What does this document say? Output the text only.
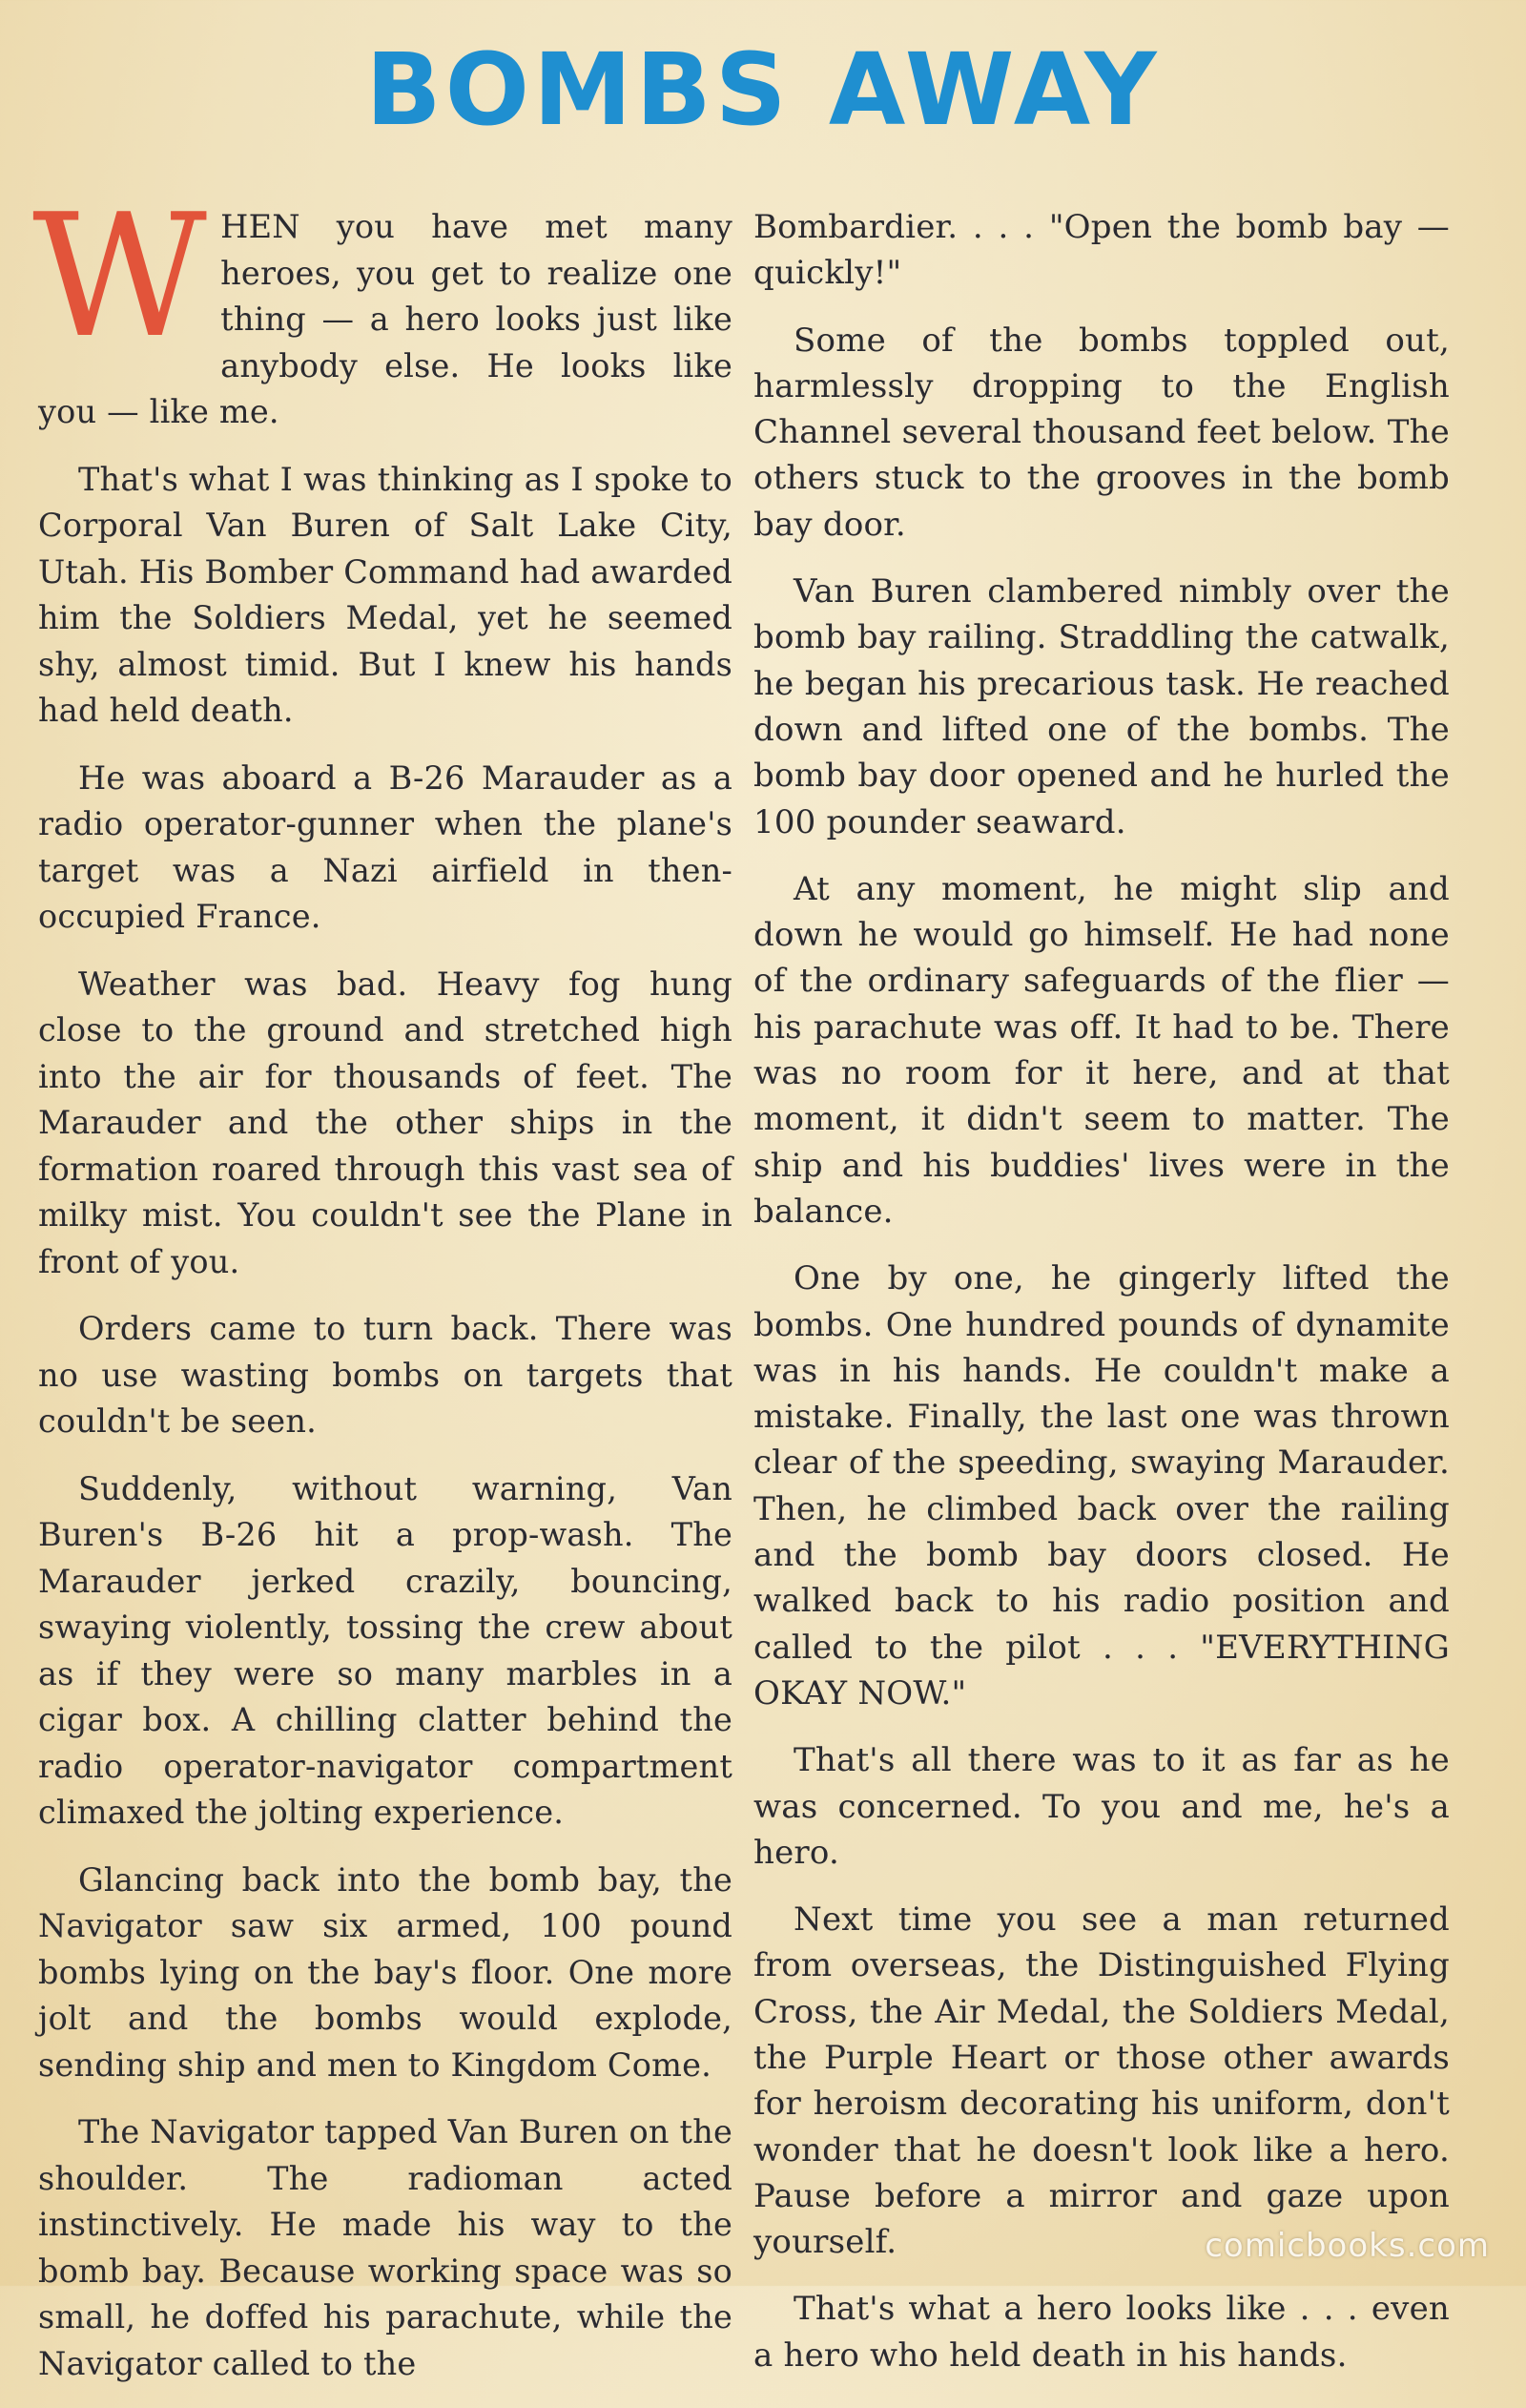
BOMBS AWAY

WHEN you have met many heroes, you get to realize one thing — a hero looks just like anybody else. He looks like you — like me.

That's what I was thinking as I spoke to Corporal Van Buren of Salt Lake City, Utah. His Bomber Command had awarded him the Soldiers Medal, yet he seemed shy, almost timid. But I knew his hands had held death.

He was aboard a B-26 Marauder as a radio operator-gunner when the plane's target was a Nazi airfield in then-occupied France.

Weather was bad. Heavy fog hung close to the ground and stretched high into the air for thousands of feet. The Marauder and the other ships in the formation roared through this vast sea of milky mist. You couldn't see the Plane in front of you.

Orders came to turn back. There was no use wasting bombs on targets that couldn't be seen.

Suddenly, without warning, Van Buren's B-26 hit a prop-wash. The Marauder jerked crazily, bouncing, swaying violently, tossing the crew about as if they were so many marbles in a cigar box. A chilling clatter behind the radio operator-navigator compartment climaxed the jolting experience.

Glancing back into the bomb bay, the Navigator saw six armed, 100 pound bombs lying on the bay's floor. One more jolt and the bombs would explode, sending ship and men to Kingdom Come.

The Navigator tapped Van Buren on the shoulder. The radioman acted instinctively. He made his way to the bomb bay. Because working space was so small, he doffed his parachute, while the Navigator called to the

Bombardier. . . . "Open the bomb bay — quickly!"

Some of the bombs toppled out, harmlessly dropping to the English Channel several thousand feet below. The others stuck to the grooves in the bomb bay door.

Van Buren clambered nimbly over the bomb bay railing. Straddling the catwalk, he began his precarious task. He reached down and lifted one of the bombs. The bomb bay door opened and he hurled the 100 pounder seaward.

At any moment, he might slip and down he would go himself. He had none of the ordinary safeguards of the flier — his parachute was off. It had to be. There was no room for it here, and at that moment, it didn't seem to matter. The ship and his buddies' lives were in the balance.

One by one, he gingerly lifted the bombs. One hundred pounds of dynamite was in his hands. He couldn't make a mistake. Finally, the last one was thrown clear of the speeding, swaying Marauder. Then, he climbed back over the railing and the bomb bay doors closed. He walked back to his radio position and called to the pilot . . . "EVERYTHING OKAY NOW."

That's all there was to it as far as he was concerned. To you and me, he's a hero.

Next time you see a man returned from overseas, the Distinguished Flying Cross, the Air Medal, the Soldiers Medal, the Purple Heart or those other awards for heroism decorating his uniform, don't wonder that he doesn't look like a hero. Pause before a mirror and gaze upon yourself.

That's what a hero looks like . . . even a hero who held death in his hands.

comicbooks.com
